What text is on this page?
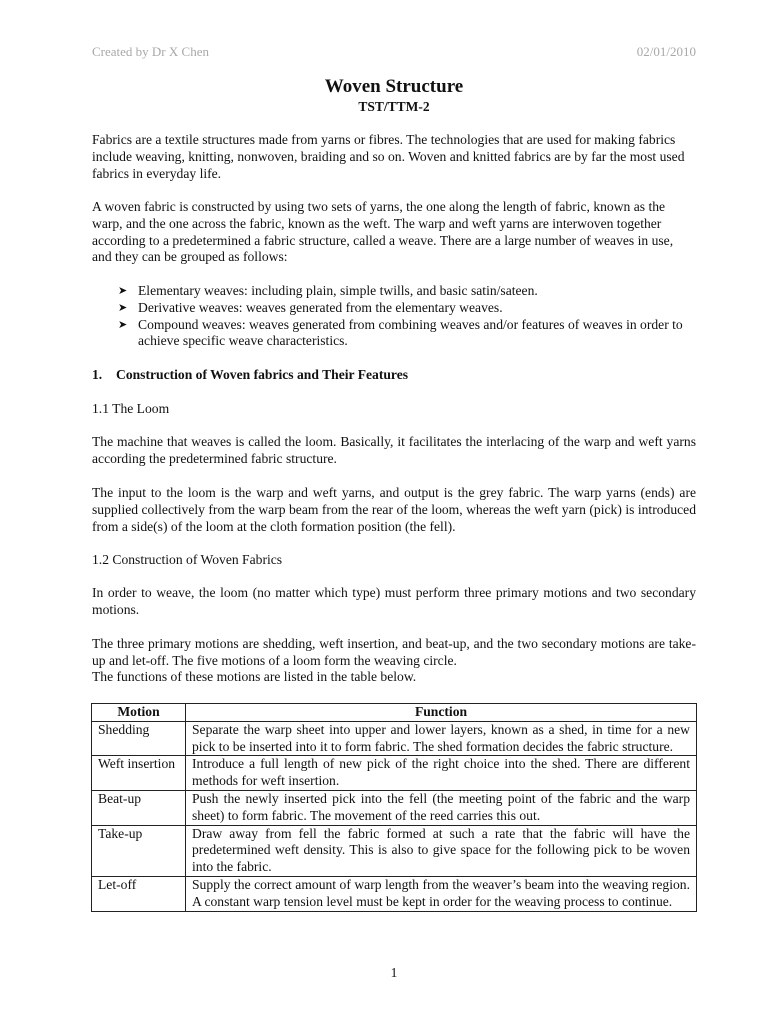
Created by Dr X Chen	02/01/2010
Woven Structure
TST/TTM-2
Fabrics are a textile structures made from yarns or fibres. The technologies that are used for making fabrics include weaving, knitting, nonwoven, braiding and so on. Woven and knitted fabrics are by far the most used fabrics in everyday life.
A woven fabric is constructed by using two sets of yarns, the one along the length of fabric, known as the warp, and the one across the fabric, known as the weft. The warp and weft yarns are interwoven together according to a predetermined a fabric structure, called a weave. There are a large number of weaves in use, and they can be grouped as follows:
➤ Elementary weaves: including plain, simple twills, and basic satin/sateen.
➤ Derivative weaves: weaves generated from the elementary weaves.
➤ Compound weaves: weaves generated from combining weaves and/or features of weaves in order to achieve specific weave characteristics.
1. Construction of Woven fabrics and Their Features
1.1 The Loom
The machine that weaves is called the loom. Basically, it facilitates the interlacing of the warp and weft yarns according the predetermined fabric structure.
The input to the loom is the warp and weft yarns, and output is the grey fabric. The warp yarns (ends) are supplied collectively from the warp beam from the rear of the loom, whereas the weft yarn (pick) is introduced from a side(s) of the loom at the cloth formation position (the fell).
1.2 Construction of Woven Fabrics
In order to weave, the loom (no matter which type) must perform three primary motions and two secondary motions.
The three primary motions are shedding, weft insertion, and beat-up, and the two secondary motions are take-up and let-off. The five motions of a loom form the weaving circle.
The functions of these motions are listed in the table below.
Motion	Function
Shedding	Separate the warp sheet into upper and lower layers, known as a shed, in time for a new pick to be inserted into it to form fabric. The shed formation decides the fabric structure.
Weft insertion	Introduce a full length of new pick of the right choice into the shed. There are different methods for weft insertion.
Beat-up	Push the newly inserted pick into the fell (the meeting point of the fabric and the warp sheet) to form fabric. The movement of the reed carries this out.
Take-up	Draw away from fell the fabric formed at such a rate that the fabric will have the predetermined weft density. This is also to give space for the following pick to be woven into the fabric.
Let-off	Supply the correct amount of warp length from the weaver’s beam into the weaving region. A constant warp tension level must be kept in order for the weaving process to continue.
1
